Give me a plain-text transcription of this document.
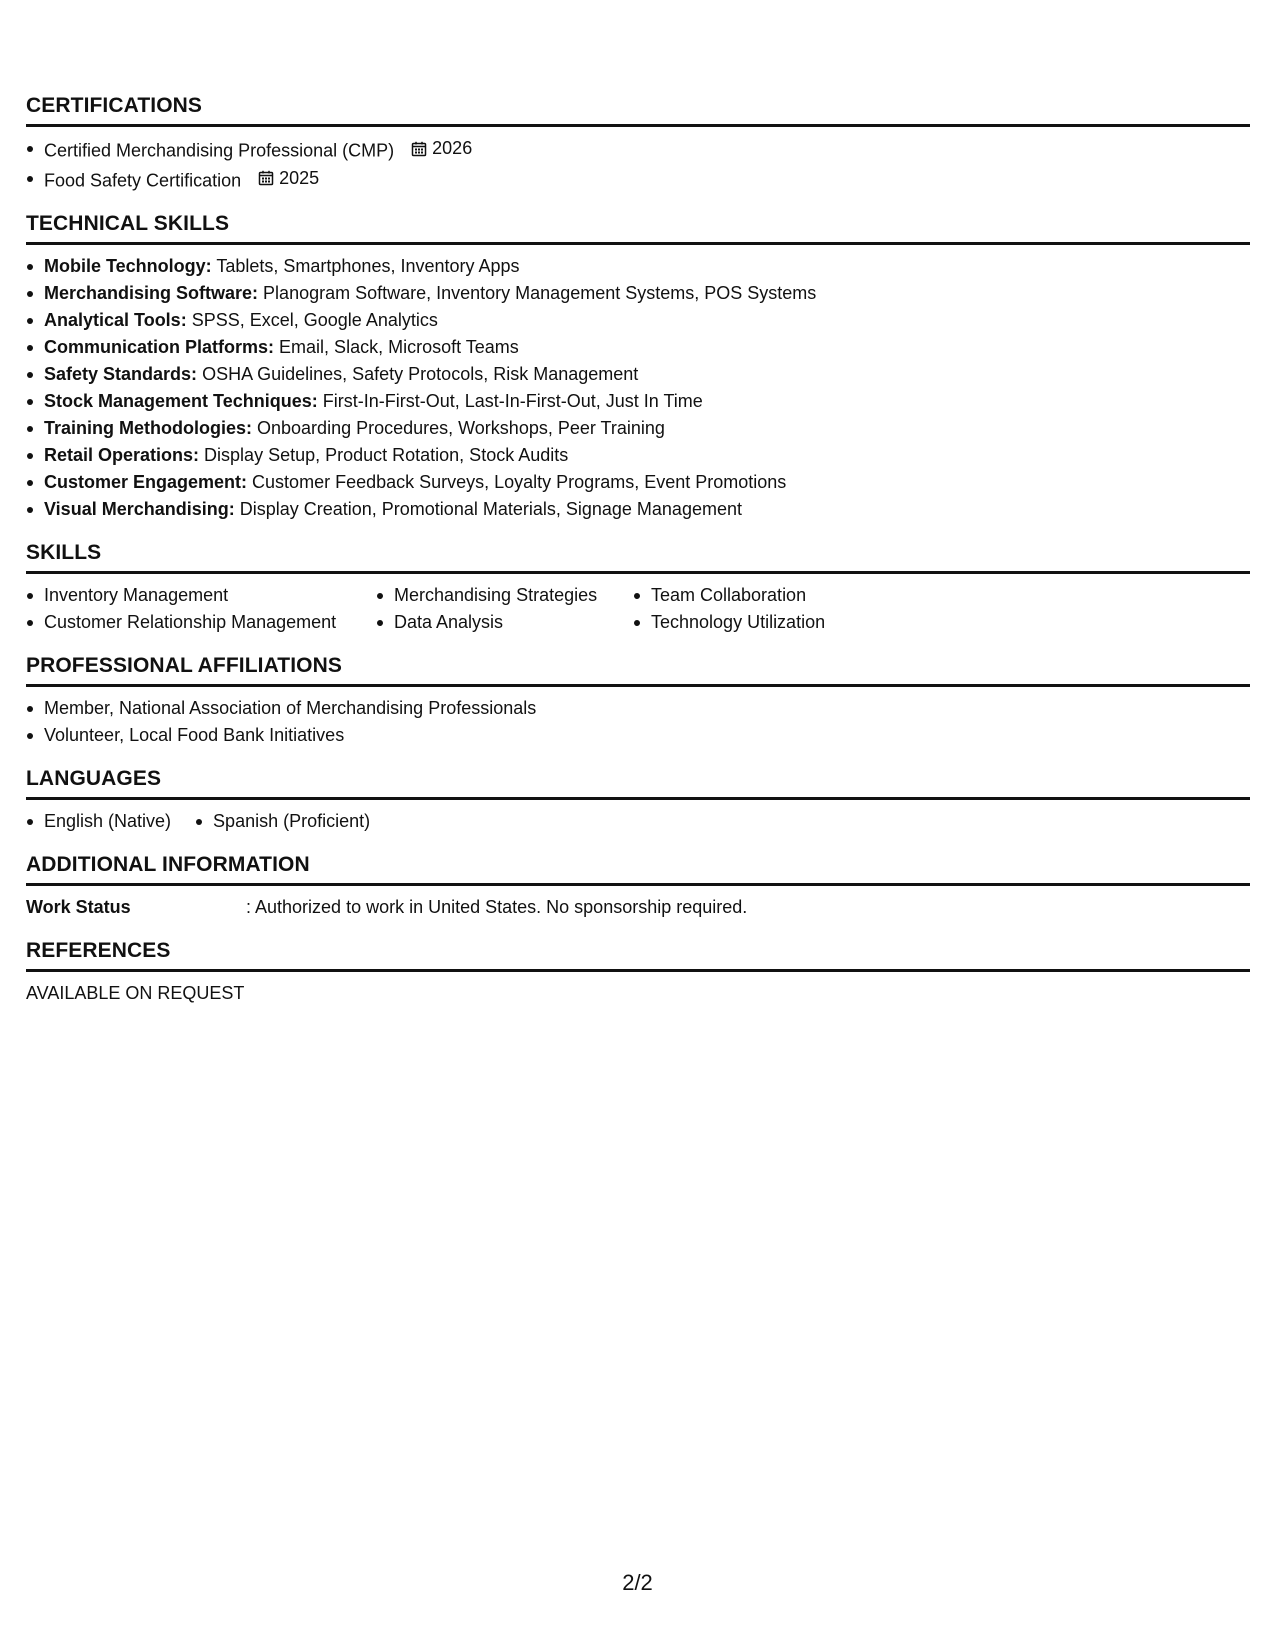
CERTIFICATIONS
Certified Merchandising Professional (CMP) 2026
Food Safety Certification 2025
TECHNICAL SKILLS
Mobile Technology: Tablets, Smartphones, Inventory Apps
Merchandising Software: Planogram Software, Inventory Management Systems, POS Systems
Analytical Tools: SPSS, Excel, Google Analytics
Communication Platforms: Email, Slack, Microsoft Teams
Safety Standards: OSHA Guidelines, Safety Protocols, Risk Management
Stock Management Techniques: First-In-First-Out, Last-In-First-Out, Just In Time
Training Methodologies: Onboarding Procedures, Workshops, Peer Training
Retail Operations: Display Setup, Product Rotation, Stock Audits
Customer Engagement: Customer Feedback Surveys, Loyalty Programs, Event Promotions
Visual Merchandising: Display Creation, Promotional Materials, Signage Management
SKILLS
Inventory Management
Customer Relationship Management
Merchandising Strategies
Data Analysis
Team Collaboration
Technology Utilization
PROFESSIONAL AFFILIATIONS
Member, National Association of Merchandising Professionals
Volunteer, Local Food Bank Initiatives
LANGUAGES
English (Native)	Spanish (Proficient)
ADDITIONAL INFORMATION
Work Status	: Authorized to work in United States. No sponsorship required.
REFERENCES
AVAILABLE ON REQUEST
2/2
